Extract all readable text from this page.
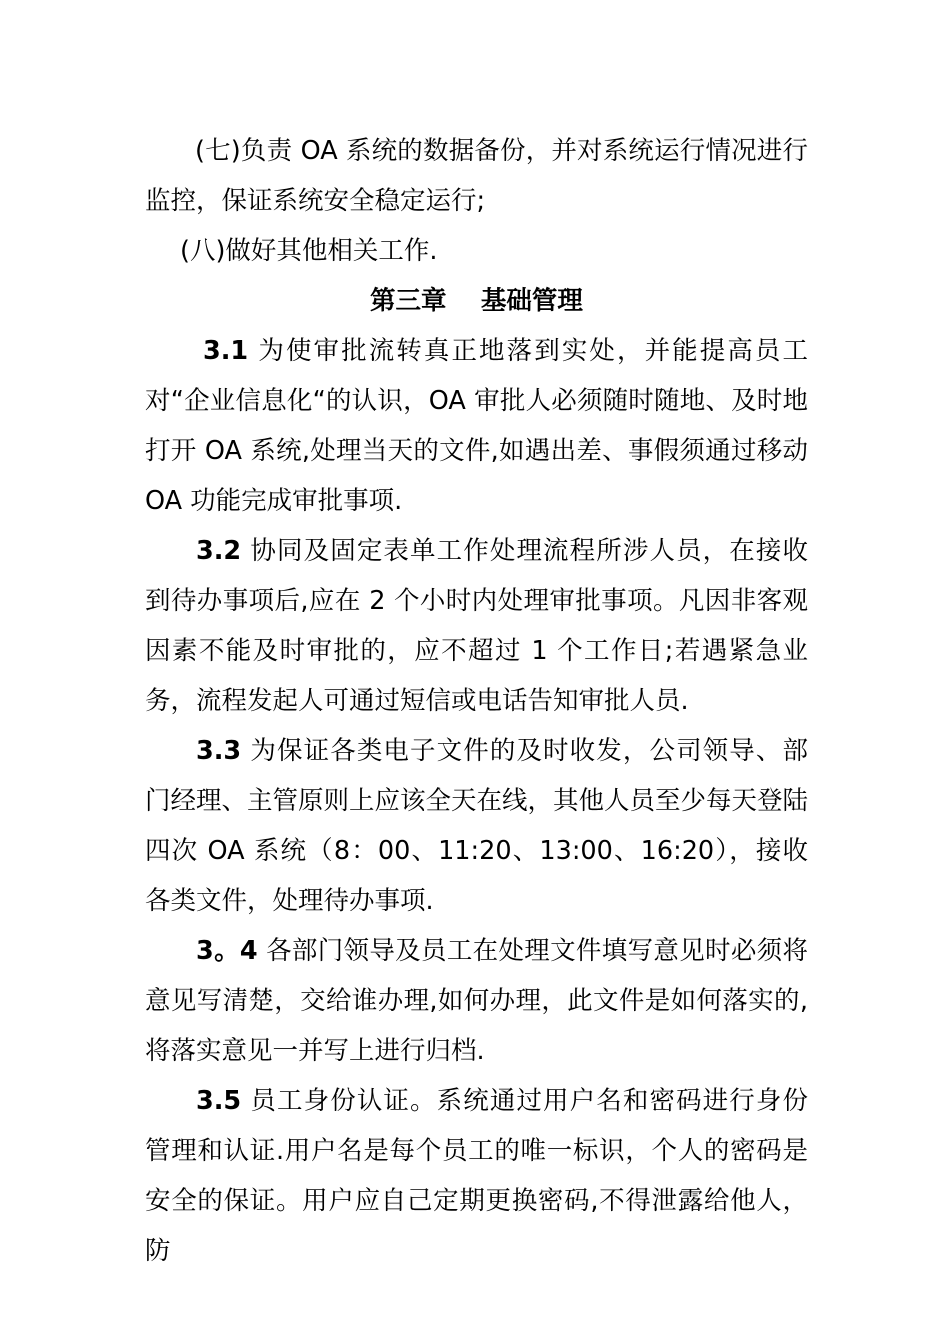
(七)负责 OA 系统的数据备份，并对系统运行情况进行监控，保证系统安全稳定运行;
(八)做好其他相关工作.
第三章　 基础管理
3.1 为使审批流转真正地落到实处，并能提高员工对“企业信息化“的认识，OA 审批人必须随时随地、及时地打开 OA 系统,处理当天的文件,如遇出差、事假须通过移动 OA 功能完成审批事项.
3.2 协同及固定表单工作处理流程所涉人员，在接收到待办事项后,应在 2 个小时内处理审批事项。凡因非客观因素不能及时审批的，应不超过 1 个工作日;若遇紧急业务，流程发起人可通过短信或电话告知审批人员.
3.3 为保证各类电子文件的及时收发，公司领导、部门经理、主管原则上应该全天在线，其他人员至少每天登陆四次 OA 系统（8：00、11:20、13:00、16:20），接收各类文件，处理待办事项.
3。4 各部门领导及员工在处理文件填写意见时必须将意见写清楚，交给谁办理,如何办理，此文件是如何落实的,将落实意见一并写上进行归档.
3.5 员工身份认证。系统通过用户名和密码进行身份管理和认证.用户名是每个员工的唯一标识，个人的密码是安全的保证。用户应自己定期更换密码,不得泄露给他人，防
